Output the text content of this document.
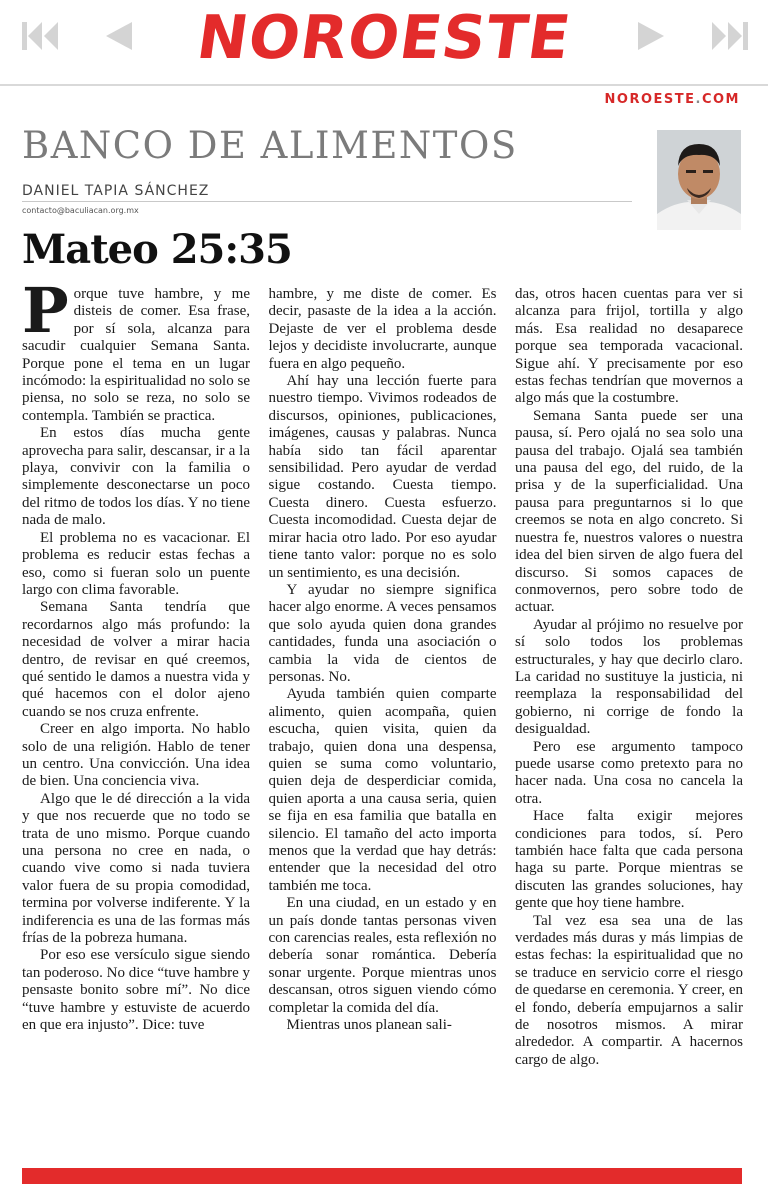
NOROESTE
NOROESTE.COM
BANCO DE ALIMENTOS
DANIEL TAPIA SÁNCHEZ
contacto@baculiacan.org.mx
Mateo 25:35

Porque tuve hambre, y me disteis de comer. Esa frase, por sí sola, alcanza para sacudir cualquier Semana Santa. Porque pone el tema en un lugar incómodo: la espiritualidad no solo se piensa, no solo se reza, no solo se contempla. También se practica.

En estos días mucha gente aprovecha para salir, descansar, ir a la playa, convivir con la familia o simplemente desconectarse un poco del ritmo de todos los días. Y no tiene nada de malo.

El problema no es vacacionar. El problema es reducir estas fechas a eso, como si fueran solo un puente largo con clima favorable.

Semana Santa tendría que recordarnos algo más profundo: la necesidad de volver a mirar hacia dentro, de revisar en qué creemos, qué sentido le damos a nuestra vida y qué hacemos con el dolor ajeno cuando se nos cruza enfrente.

Creer en algo importa. No hablo solo de una religión. Hablo de tener un centro. Una convicción. Una idea de bien. Una conciencia viva.

Algo que le dé dirección a la vida y que nos recuerde que no todo se trata de uno mismo. Porque cuando una persona no cree en nada, o cuando vive como si nada tuviera valor fuera de su propia comodidad, termina por volverse indiferente. Y la indiferencia es una de las formas más frías de la pobreza humana.

Por eso ese versículo sigue siendo tan poderoso. No dice “tuve hambre y pensaste bonito sobre mí”. No dice “tuve hambre y estuviste de acuerdo en que era injusto”. Dice: tuve

hambre, y me diste de comer. Es decir, pasaste de la idea a la acción. Dejaste de ver el problema desde lejos y decidiste involucrarte, aunque fuera en algo pequeño.

Ahí hay una lección fuerte para nuestro tiempo. Vivimos rodeados de discursos, opiniones, publicaciones, imágenes, causas y palabras. Nunca había sido tan fácil aparentar sensibilidad. Pero ayudar de verdad sigue costando. Cuesta tiempo. Cuesta dinero. Cuesta esfuerzo. Cuesta incomodidad. Cuesta dejar de mirar hacia otro lado. Por eso ayudar tiene tanto valor: porque no es solo un sentimiento, es una decisión.

Y ayudar no siempre significa hacer algo enorme. A veces pensamos que solo ayuda quien dona grandes cantidades, funda una asociación o cambia la vida de cientos de personas. No.

Ayuda también quien comparte alimento, quien acompaña, quien escucha, quien visita, quien da trabajo, quien dona una despensa, quien se suma como voluntario, quien deja de desperdiciar comida, quien aporta a una causa seria, quien se fija en esa familia que batalla en silencio. El tamaño del acto importa menos que la verdad que hay detrás: entender que la necesidad del otro también me toca.

En una ciudad, en un estado y en un país donde tantas personas viven con carencias reales, esta reflexión no debería sonar romántica. Debería sonar urgente. Porque mientras unos descansan, otros siguen viendo cómo completar la comida del día.

Mientras unos planean sali-

das, otros hacen cuentas para ver si alcanza para frijol, tortilla y algo más. Esa realidad no desaparece porque sea temporada vacacional. Sigue ahí. Y precisamente por eso estas fechas tendrían que movernos a algo más que la costumbre.

Semana Santa puede ser una pausa, sí. Pero ojalá no sea solo una pausa del trabajo. Ojalá sea también una pausa del ego, del ruido, de la prisa y de la superficialidad. Una pausa para preguntarnos si lo que creemos se nota en algo concreto. Si nuestra fe, nuestros valores o nuestra idea del bien sirven de algo fuera del discurso. Si somos capaces de conmovernos, pero sobre todo de actuar.

Ayudar al prójimo no resuelve por sí solo todos los problemas estructurales, y hay que decirlo claro. La caridad no sustituye la justicia, ni reemplaza la responsabilidad del gobierno, ni corrige de fondo la desigualdad.

Pero ese argumento tampoco puede usarse como pretexto para no hacer nada. Una cosa no cancela la otra.

Hace falta exigir mejores condiciones para todos, sí. Pero también hace falta que cada persona haga su parte. Porque mientras se discuten las grandes soluciones, hay gente que hoy tiene hambre.

Tal vez esa sea una de las verdades más duras y más limpias de estas fechas: la espiritualidad que no se traduce en servicio corre el riesgo de quedarse en ceremonia. Y creer, en el fondo, debería empujarnos a salir de nosotros mismos. A mirar alrededor. A compartir. A hacernos cargo de algo.
